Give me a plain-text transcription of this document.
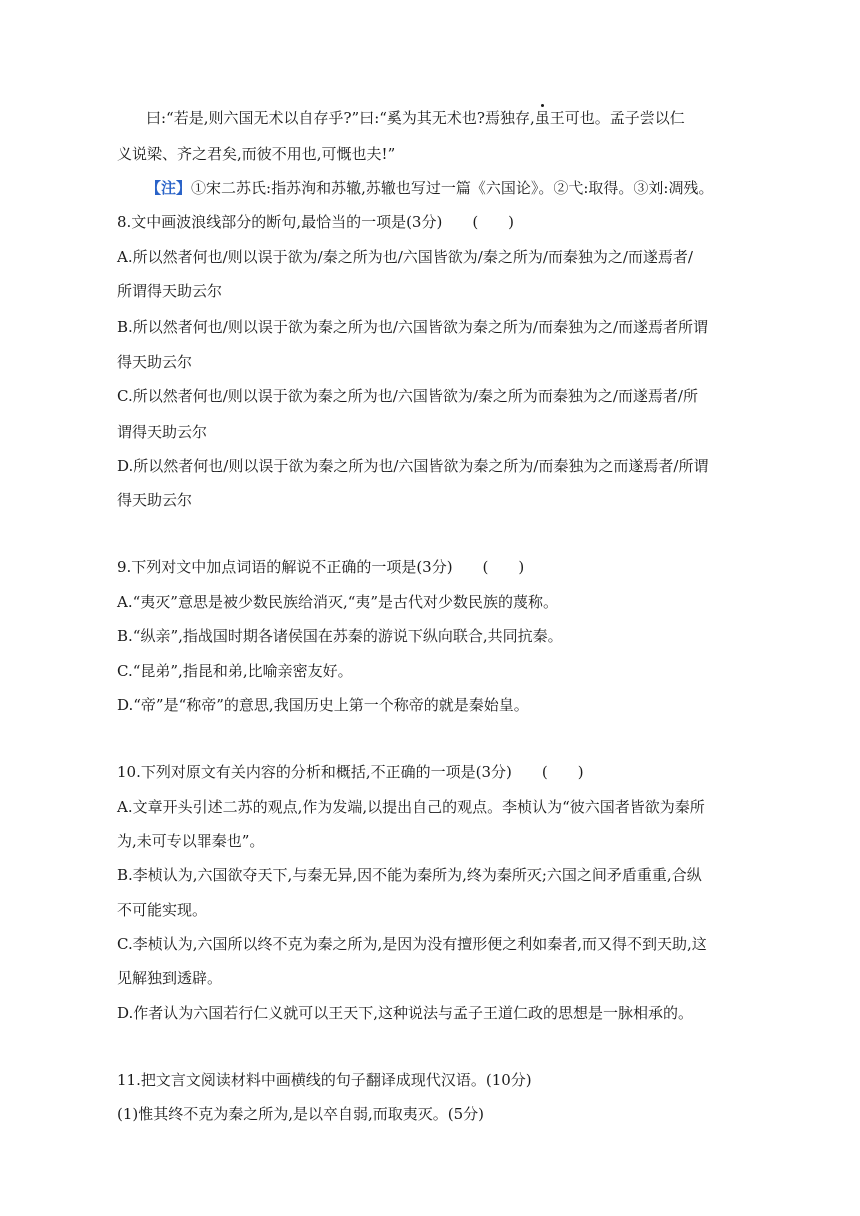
曰:“若是,则六国无术以自存乎?”曰:“奚为其无术也?焉独存,虽王可也。孟子尝以仁
义说梁、齐之君矣,而彼不用也,可慨也夫!”
【注】①宋二苏氏:指苏洵和苏辙,苏辙也写过一篇《六国论》。②弋:取得。③刘:凋残。
8.文中画波浪线部分的断句,最恰当的一项是(3分)　　(　　)
A.所以然者何也/则以误于欲为/秦之所为也/六国皆欲为/秦之所为/而秦独为之/而遂焉者/
所谓得天助云尔
B.所以然者何也/则以误于欲为秦之所为也/六国皆欲为秦之所为/而秦独为之/而遂焉者所谓
得天助云尔
C.所以然者何也/则以误于欲为秦之所为也/六国皆欲为/秦之所为而秦独为之/而遂焉者/所
谓得天助云尔
D.所以然者何也/则以误于欲为秦之所为也/六国皆欲为秦之所为/而秦独为之而遂焉者/所谓
得天助云尔
9.下列对文中加点词语的解说不正确的一项是(3分)　　(　　)
A.“夷灭”意思是被少数民族给消灭,“夷”是古代对少数民族的蔑称。
B.“纵亲”,指战国时期各诸侯国在苏秦的游说下纵向联合,共同抗秦。
C.“昆弟”,指昆和弟,比喻亲密友好。
D.“帝”是“称帝”的意思,我国历史上第一个称帝的就是秦始皇。
10.下列对原文有关内容的分析和概括,不正确的一项是(3分)　　(　　)
A.文章开头引述二苏的观点,作为发端,以提出自己的观点。李桢认为“彼六国者皆欲为秦所
为,未可专以罪秦也”。
B.李桢认为,六国欲夺天下,与秦无异,因不能为秦所为,终为秦所灭;六国之间矛盾重重,合纵
不可能实现。
C.李桢认为,六国所以终不克为秦之所为,是因为没有擅形便之利如秦者,而又得不到天助,这
见解独到透辟。
D.作者认为六国若行仁义就可以王天下,这种说法与孟子王道仁政的思想是一脉相承的。
11.把文言文阅读材料中画横线的句子翻译成现代汉语。(10分)
(1)惟其终不克为秦之所为,是以卒自弱,而取夷灭。(5分)
